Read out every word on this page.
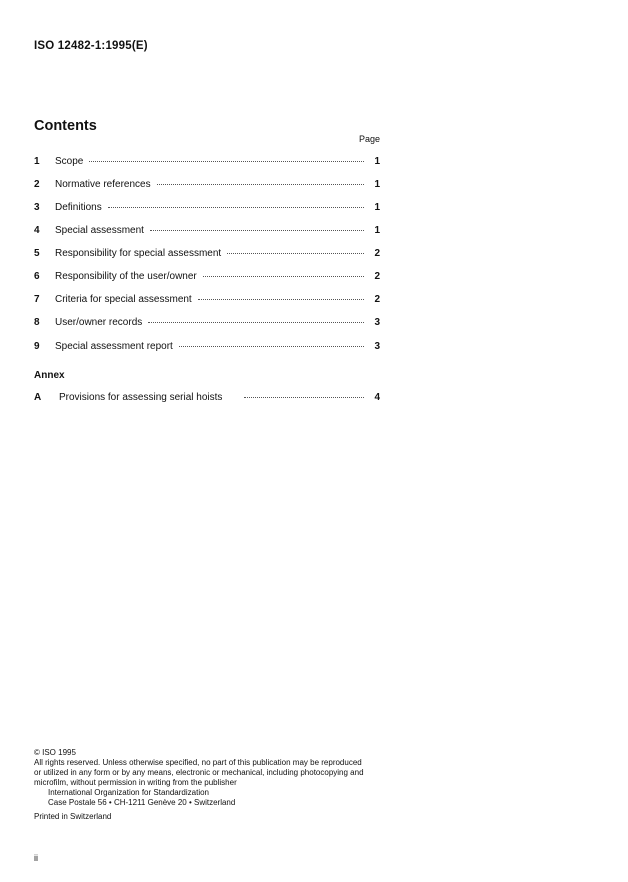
ISO 12482-1:1995(E)
Contents
Page
1	Scope	1
2	Normative references	1
3	Definitions	1
4	Special assessment	1
5	Responsibility for special assessment	2
6	Responsibility of the user/owner	2
7	Criteria for special assessment	2
8	User/owner records	3
9	Special assessment report	3
Annex
A	Provisions for assessing serial hoists	4
© ISO 1995
All rights reserved. Unless otherwise specified, no part of this publication may be reproduced
or utilized in any form or by any means, electronic or mechanical, including photocopying and
microfilm, without permission in writing from the publisher
International Organization for Standardization
Case Postale 56 • CH-1211 Genève 20 • Switzerland
Printed in Switzerland
ii
